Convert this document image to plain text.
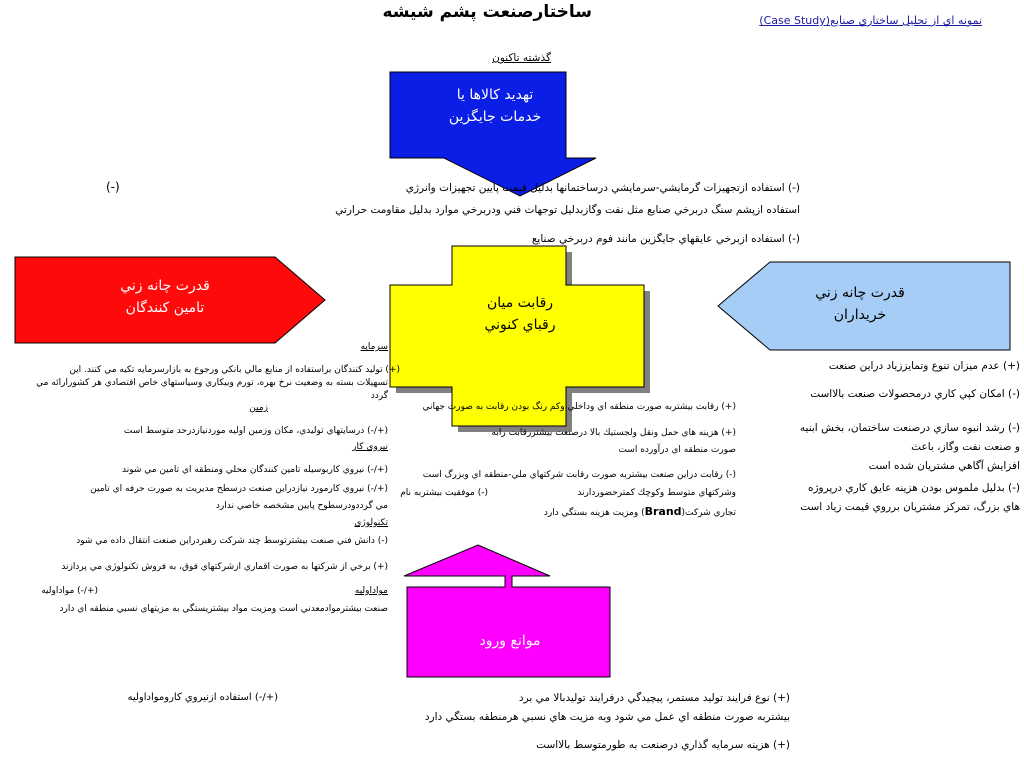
ساختارصنعت پشم شيشه	نمونه اي از تحليل ساختاري صنايع(Case Study)
گذشته تاكنون
تهديد كالاها يا
خدمات جايگزين
رقابت ميان
رقباي كنوني
قدرت چانه زني
تامين كنندگان
قدرت چانه زني
خريداران
موانع ورود
(-)	(-) استفاده ازتجهيزات گرمايشي-سرمايشي درساختمانها بدليل قيمت پايين تجهيزات وانرژي
استفاده ازپشم سنگ دربرخي صنايع مثل نفت وگازبدليل توجهات فني ودربرخي موارد بدليل مقاومت حرارتي
(-) استفاده ازبرخي عايقهاي جايگزين مانند فوم دربرخي صنايع
سرمايه
(+) توليد كنندگان براستفاده از منابع مالي بانكي ورجوع به بازارسرمايه تكيه مي كنند. اين
تسهيلات بسته به وضعيت نرخ بهره، تورم وبيكاري وسياستهاي خاص اقتصادي هر كشورارائه مي
گردد
زمين
(+/-) درسايتهاي توليدي، مكان وزمين اوليه موردنيازدرحد متوسط است
نيروي كار
(+/-) نيروي كاربوسيله تامين كنندگان محلي ومنطقه اي تامين مي شوند
(+/-) نيروي كارمورد نيازدراين صنعت درسطح مديريت به صورت حرفه اي تامين
مي گرددودرسطوح پايين مشخصه خاصي ندارد
تكنولوژي
(-) دانش فني صنعت بيشترتوسط چند شركت رهبردراين صنعت انتقال داده مي شود
(+) برخي از شركتها به صورت اقماري ازشركتهاي فوق، به فروش تكنولوژي مي پردازند
مواداوليه
(+/-) مواداوليه
صنعت بيشترموادمعدني است ومزيت مواد بيشتريستگي به مزيتهاي نسبي منطقه اي دارد
(+/-) استفاده ازنيروي كارومواداوليه
(+) رقابت بيشتربه صورت منطقه اي وداخلي وكم رنگ بودن رقابت به صورت جهاني
(+) هزينه هاي حمل ونقل ولجستيك بالا درصنعت بيشتررقابت رابه
صورت منطقه اي درآورده است
(-) رقابت دراين صنعت بيشتربه صورت رقابت شركتهاي ملي-منطقه اي وبزرگ است
وشركتهاي متوسط وكوچك كمترحضوردارند
تجاري شركت(Brand) ومزيت هزينه بستگي دارد
(-) موفقيت بيشتربه نام
(+) عدم ميزان تنوع وتمايززياد دراين صنعت
(-) امكان كپي كاري درمحصولات صنعت بالااست
(-) رشد انبوه سازي درصنعت ساختمان، بخش ابنيه
و صنعت نفت وگاز، باعث
افزايش آگاهي مشتريان شده است
(-) بدليل ملموس بودن هزينه عايق كاري درپروژه
هاي بزرگ، تمركز مشتريان برروي قيمت زياد است
(+) نوع فرايند توليد مستمر، پيچيدگي درفرايند توليدبالا مي برد
بيشتربه صورت منطقه اي عمل مي شود وبه مزيت هاي نسبي هرمنطقه بستگي دارد
(+) هزينه سرمايه گذاري درصنعت به طورمتوسط بالااست
